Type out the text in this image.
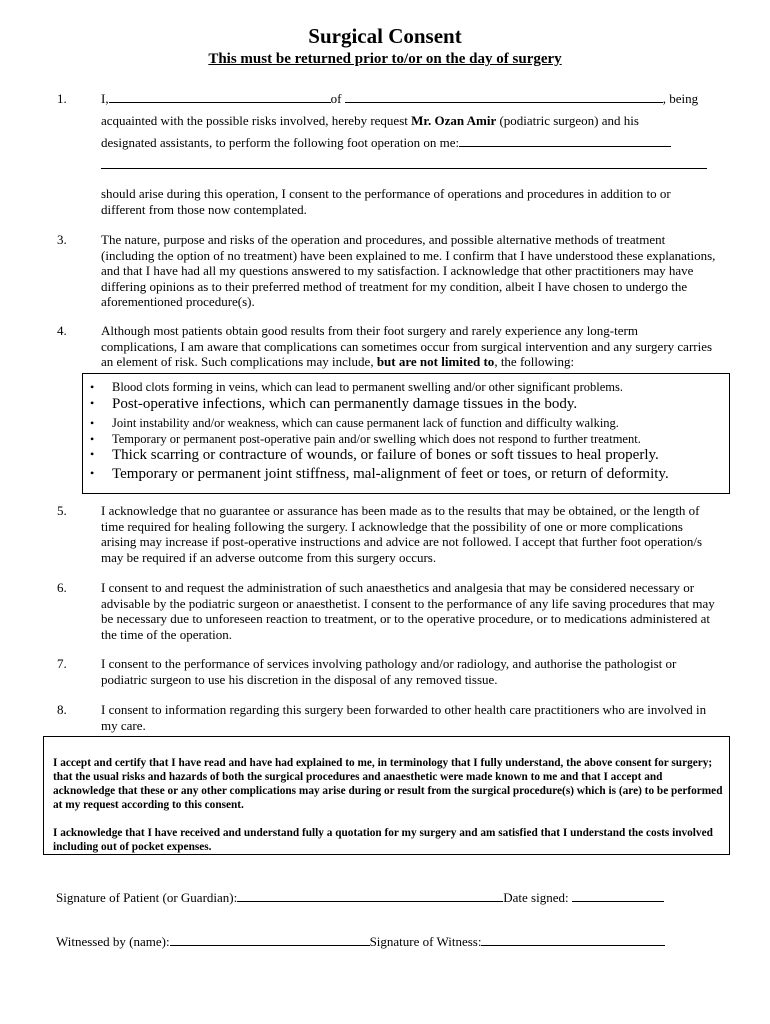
Surgical Consent
This must be returned prior to/or on the day of surgery
1.	I,	of	, being
acquainted with the possible risks involved, hereby request Mr. Ozan Amir (podiatric surgeon) and his
designated assistants, to perform the following foot operation on me:
should arise during this operation, I consent to the performance of operations and procedures in addition to or different from those now contemplated.
3.	The nature, purpose and risks of the operation and procedures, and possible alternative methods of treatment (including the option of no treatment) have been explained to me. I confirm that I have understood these explanations, and that I have had all my questions answered to my satisfaction. I acknowledge that other practitioners may have differing opinions as to their preferred method of treatment for my condition, albeit I have chosen to undergo the aforementioned procedure(s).
4.	Although most patients obtain good results from their foot surgery and rarely experience any long-term complications, I am aware that complications can sometimes occur from surgical intervention and any surgery carries an element of risk. Such complications may include, but are not limited to, the following:
• Blood clots forming in veins, which can lead to permanent swelling and/or other significant problems.
• Post-operative infections, which can permanently damage tissues in the body.
• Joint instability and/or weakness, which can cause permanent lack of function and difficulty walking.
• Temporary or permanent post-operative pain and/or swelling which does not respond to further treatment.
• Thick scarring or contracture of wounds, or failure of bones or soft tissues to heal properly.
• Temporary or permanent joint stiffness, mal-alignment of feet or toes, or return of deformity.
5.	I acknowledge that no guarantee or assurance has been made as to the results that may be obtained, or the length of time required for healing following the surgery. I acknowledge that the possibility of one or more complications arising may increase if post-operative instructions and advice are not followed. I accept that further foot operation/s may be required if an adverse outcome from this surgery occurs.
6.	I consent to and request the administration of such anaesthetics and analgesia that may be considered necessary or advisable by the podiatric surgeon or anaesthetist. I consent to the performance of any life saving procedures that may be necessary due to unforeseen reaction to treatment, or to the operative procedure, or to medications administered at the time of the operation.
7.	I consent to the performance of services involving pathology and/or radiology, and authorise the pathologist or podiatric surgeon to use his discretion in the disposal of any removed tissue.
8.	I consent to information regarding this surgery been forwarded to other health care practitioners who are involved in my care.

I accept and certify that I have read and have had explained to me, in terminology that I fully understand, the above consent for surgery; that the usual risks and hazards of both the surgical procedures and anaesthetic were made known to me and that I accept and acknowledge that these or any other complications may arise during or result from the surgical procedure(s) which is (are) to be performed at my request according to this consent.

I acknowledge that I have received and understand fully a quotation for my surgery and am satisfied that I understand the costs involved including out of pocket expenses.

Signature of Patient (or Guardian):	Date signed:
Witnessed by (name):	Signature of Witness:
